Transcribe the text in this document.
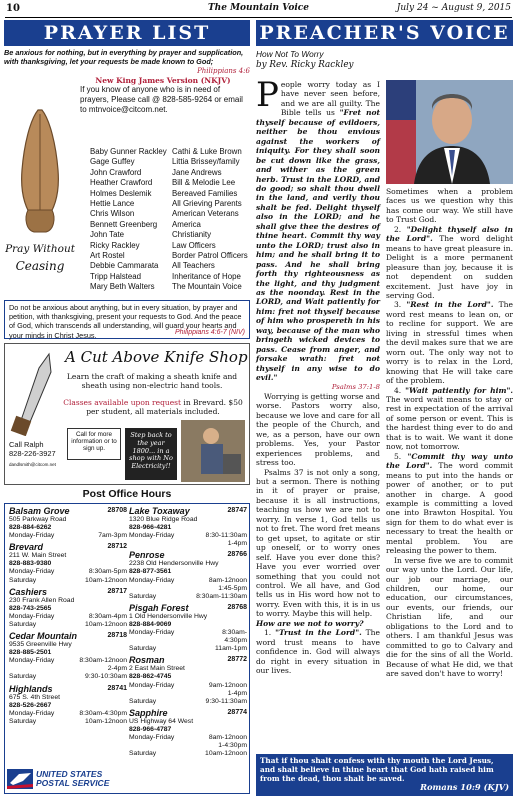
10	The Mountain Voice	July 24 ~ August 9, 2015
PRAYER LIST

Be anxious for nothing, but in everything by prayer and supplication, with thanksgiving, let your requests be made known to God;

Philippians 4:6

New King James Version (NKJV)

If you know of anyone who is in need of prayers, Please call @ 828-585-9264 or email to mtnvoice@citcom.net.

Pray Without
Ceasing
Baby Gunner Rackley
Gage Guffey
John Crawford
Heather Crawford
Holmes Deslemik
Hettie Lance
Chris Wilson
Bennett Greenberg
John Tate
Ricky Rackley
Art Rostel
Debbie Cammarata
Tripp Halstead
Mary Beth Walters
Cathi & Luke Brown
Littia Brissey/family
Jane Andrews
Bill & Melodie Lee
Bereaved Families
All Grieving Parents
American Veterans
America
Christianity
Law Officers
Border Patrol Officers
All Teachers
Inheritance of Hope
The Mountain Voice
Do not be anxious about anything, but in every situation, by prayer and petition, with thanksgiving, present your requests to God. And the peace of God, which transcends all understanding, will guard your hearts and your minds in Christ Jesus.	Philippians 4:6-7 (NIV)
A Cut Above Knife Shop
Learn the craft of making a sheath knife and sheath using non-electric hand tools.
Classes available upon request in Brevard. $50 per student, all materials included.
Call for more information or to sign up.
Step back to the year 1800... in a shop with No Electricity!!
Call Ralph
828-226-3927
dandlsmith@citcom.net
Post Office Hours
Balsam Grove	28708
505 Parkway Road
828-884-6262
Monday-Friday	7am-3pm
Brevard	28712
211 W. Main Street
828-883-9380
Monday-Friday	8:30am-5pm
Saturday	10am-12noon
Cashiers	28717
230 Frank Allen Road
828-743-2565
Monday-Friday	8:30am-4pm
Saturday	10am-12noon
Cedar Mountain	28718
9535 Greenville Hwy
828-885-2501
Monday-Friday	8:30am-12noon
2-4pm
Saturday	9:30-10:30am
Highlands	28741
675 S. 4th Street
828-526-2667
Monday-Friday	8:30am-4:30pm
Saturday	10am-12noon
Lake Toxaway	28747
1320 Blue Ridge Road
828-966-4281
Monday-Friday	8:30-11:30am
1-4pm
Penrose	28766
2238 Old Hendersonville Hwy
828-877-3561
Monday-Friday	8am-12noon
1:45-5pm
Saturday	8:30am-11:30am
Pisgah Forest	28768
1 Old Hendersonville Hwy
828-884-9069
Monday-Friday	8:30am-
4:30pm
Saturday	11am-1pm
Rosman	28772
2 East Main Street
828-862-4745
Monday-Friday	9am-12noon
1-4pm
Saturday	9:30-11:30am
Sapphire	28774
US Highway 64 West
828-966-4787
Monday-Friday	8am-12noon
1-4:30pm
Saturday	10am-12noon
UNITED STATES
POSTAL SERVICE
PREACHER'S VOICE
How Not To Worry
by Rev. Ricky Rackley

People worry today as I have never seen before, and we are all guilty. The Bible tells us "Fret not thyself because of evildoers, neither be thou envious against the workers of iniquity. For they shall soon be cut down like the grass, and wither as the green herb. Trust in the LORD, and do good; so shalt thou dwell in the land, and verily thou shalt be fed. Delight thyself also in the LORD; and he shall give thee the desires of thine heart. Commit thy way unto the LORD; trust also in him; and he shall bring it to pass. And he shall bring forth thy righteousness as the light, and thy judgment as the noonday. Rest in the LORD, and Wait patiently for him: fret not thyself because of him who prospereth in his way, because of the man who bringeth wicked devices to pass. Cease from anger, and forsake wrath: fret not thyself in any wise to do evil."

Psalms 37:1-8

Worrying is getting worse and worse. Pastors worry also, because we love and care for all the people of the Church, and we, as a person, have our own problems. Yes, your Pastor experiences problems, and stress too.

Psalms 37 is not only a song, but a sermon. There is nothing in it of prayer or praise, because it is all instructions, teaching us how we are not to worry. In verse 1, God tells us not to fret. The word fret means to get upset, to agitate or stir up oneself, or to worry ones self. Have you ever done this? Have you ever worried over something that you could not control. We all have, and God tells us in His word how not to worry. Even with this, it is in us to worry. Maybe this will help.

How are we not to worry?

1. "Trust in the Lord". The word trust means to have confidence in. God will always do right in every situation in our lives.

Sometimes when a problem faces us we question why this has come our way. We still have to Trust God.

2. "Delight thyself also in the Lord". The word delight means to have great pleasure in. Delight is a more permanent pleasure than joy, because it is not dependent on sudden excitement. Just have joy in serving God.

3. "Rest in the Lord". The word rest means to lean on, or to recline for support. We are living in stressful times when the devil makes sure that we are worn out. The only way not to worry is to relax in the Lord, knowing that He will take care of the problem.

4. "Wait patiently for him". The word wait means to stay or rest in expectation of the arrival of some person or event. This is the hardest thing ever to do and that is to wait. We want it done now, not tomorrow.

5. "Commit thy way unto the Lord". The word commit means to put into the hands or power of another, or to put another in charge. A good example is committing a loved one into Brawton Hospital. You sign for them to do what ever is necessary to treat the health or mental problem. You are releasing the power to them.

In verse five we are to commit our way unto the Lord. Our life, our job our marriage, our children, our home, our education, our circumstances, our events, our friends, our Christian life, and our obligations to the Lord and to others. I am thankful Jesus was committed to go to Calvary and die for the sins of all the World. Because of what He did, we that are saved don't have to worry!

That if thou shalt confess with thy mouth the Lord Jesus, and shalt believe in thine heart that God hath raised him from the dead, thou shalt be saved.
Romans 10:9 (KJV)
